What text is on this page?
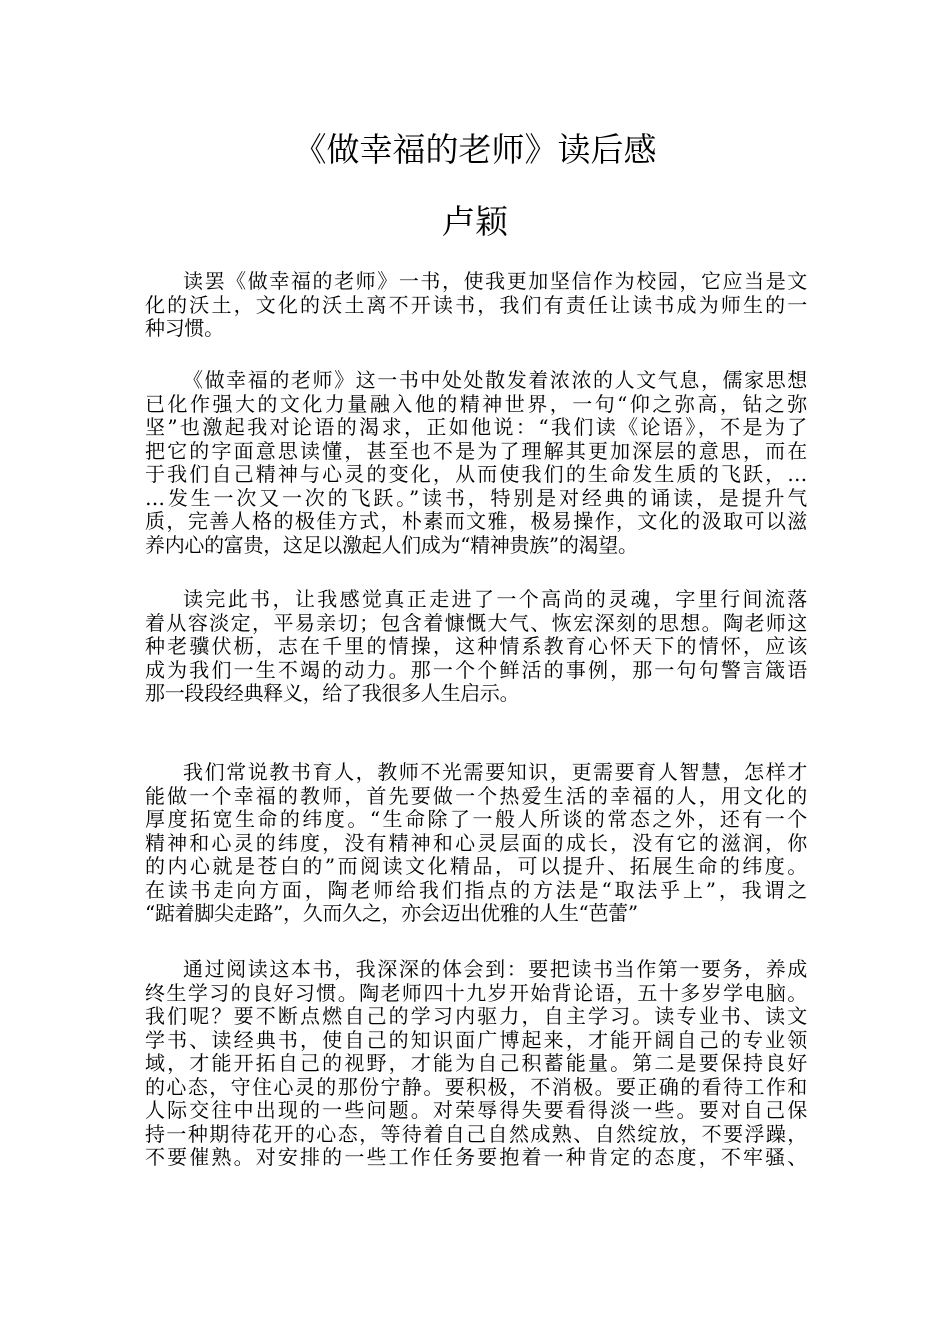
《做幸福的老师》读后感
卢颖
读罢《做幸福的老师》一书，使我更加坚信作为校园，它应当是文
化的沃土，文化的沃土离不开读书，我们有责任让读书成为师生的一
种习惯。
《做幸福的老师》这一书中处处散发着浓浓的人文气息，儒家思想
已化作强大的文化力量融入他的精神世界，一句“仰之弥高，钻之弥
坚”也激起我对论语的渴求，正如他说：“我们读《论语》，不是为了
把它的字面意思读懂，甚至也不是为了理解其更加深层的意思，而在
于我们自己精神与心灵的变化，从而使我们的生命发生质的飞跃，…
…发生一次又一次的飞跃。”读书，特别是对经典的诵读，是提升气
质，完善人格的极佳方式，朴素而文雅，极易操作，文化的汲取可以滋
养内心的富贵，这足以激起人们成为“精神贵族”的渴望。
读完此书，让我感觉真正走进了一个高尚的灵魂，字里行间流落
着从容淡定，平易亲切；包含着慷慨大气、恢宏深刻的思想。陶老师这
种老骥伏枥，志在千里的情操，这种情系教育心怀天下的情怀，应该
成为我们一生不竭的动力。那一个个鲜活的事例，那一句句警言箴语
那一段段经典释义，给了我很多人生启示。
我们常说教书育人，教师不光需要知识，更需要育人智慧，怎样才
能做一个幸福的教师，首先要做一个热爱生活的幸福的人，用文化的
厚度拓宽生命的纬度。“生命除了一般人所谈的常态之外，还有一个
精神和心灵的纬度，没有精神和心灵层面的成长，没有它的滋润，你
的内心就是苍白的”而阅读文化精品，可以提升、拓展生命的纬度。
在读书走向方面，陶老师给我们指点的方法是“取法乎上”，我谓之
“踮着脚尖走路”，久而久之，亦会迈出优雅的人生“芭蕾”
通过阅读这本书，我深深的体会到：要把读书当作第一要务，养成
终生学习的良好习惯。陶老师四十九岁开始背论语，五十多岁学电脑。
我们呢？要不断点燃自己的学习内驱力，自主学习。读专业书、读文
学书、读经典书，使自己的知识面广博起来，才能开阔自己的专业领
域，才能开拓自己的视野，才能为自己积蓄能量。第二是要保持良好
的心态，守住心灵的那份宁静。要积极，不消极。要正确的看待工作和
人际交往中出现的一些问题。对荣辱得失要看得淡一些。要对自己保
持一种期待花开的心态，等待着自己自然成熟、自然绽放，不要浮躁，
不要催熟。对安排的一些工作任务要抱着一种肯定的态度，不牢骚、
